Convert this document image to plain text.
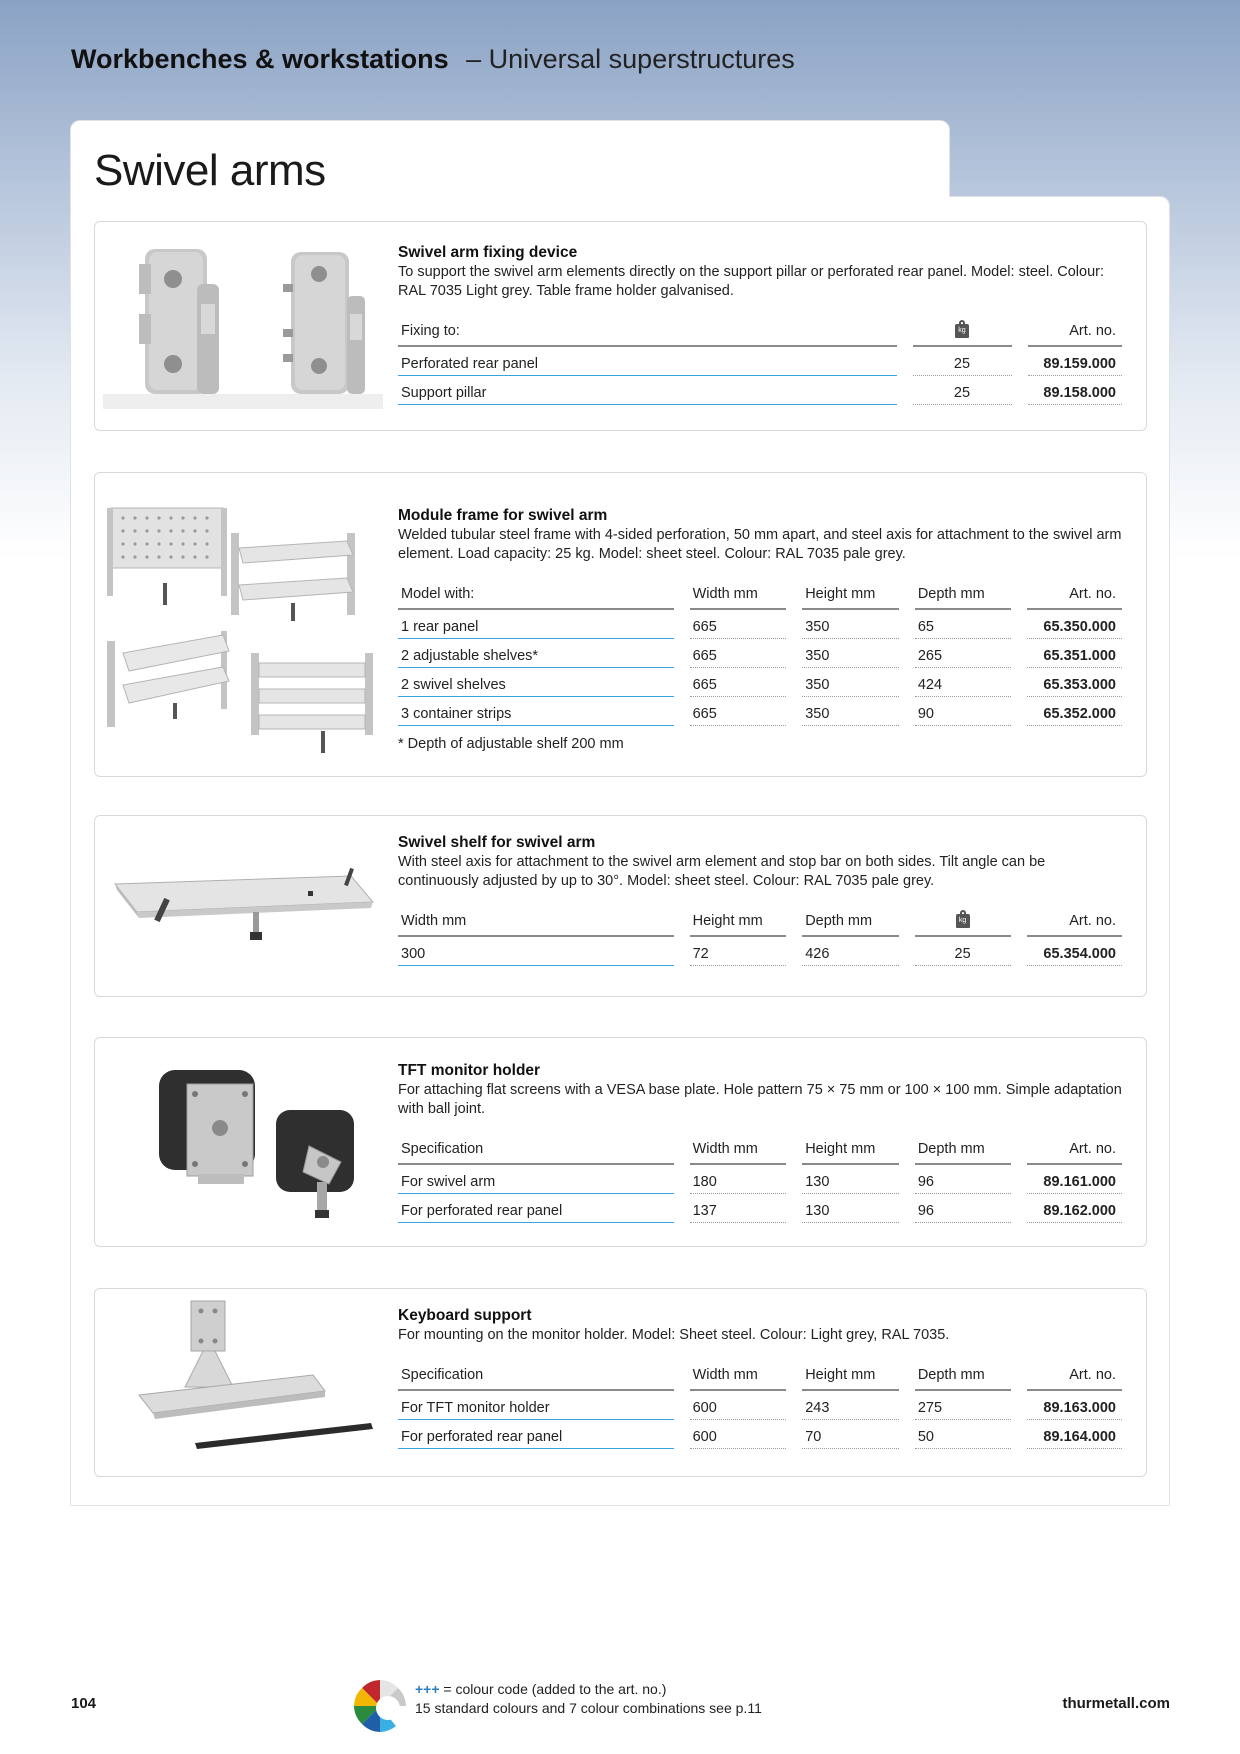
Workbenches & workstations – Universal superstructures
Swivel arms
Swivel arm fixing device
To support the swivel arm elements directly on the support pillar or perforated rear panel. Model: steel. Colour: RAL 7035 Light grey. Table frame holder galvanised.
Fixing to:		kg		Art. no.
Perforated rear panel		25		89.159.000
Support pillar		25		89.158.000
Module frame for swivel arm
Welded tubular steel frame with 4-sided perforation, 50 mm apart, and steel axis for attachment to the swivel arm element. Load capacity: 25 kg. Model: sheet steel. Colour: RAL 7035 pale grey.
Model with:		Width mm		Height mm		Depth mm		Art. no.
1 rear panel		665		350		65		65.350.000
2 adjustable shelves*		665		350		265		65.351.000
2 swivel shelves		665		350		424		65.353.000
3 container strips		665		350		90		65.352.000
* Depth of adjustable shelf 200 mm
Swivel shelf for swivel arm
With steel axis for attachment to the swivel arm element and stop bar on both sides. Tilt angle can be continuously adjusted by up to 30°. Model: sheet steel. Colour: RAL 7035 pale grey.
Width mm		Height mm		Depth mm		kg		Art. no.
300		72		426		25		65.354.000
TFT monitor holder
For attaching flat screens with a VESA base plate. Hole pattern 75 × 75 mm or 100 × 100 mm. Simple adaptation with ball joint.
Specification		Width mm		Height mm		Depth mm		Art. no.
For swivel arm		180		130		96		89.161.000
For perforated rear panel		137		130		96		89.162.000
Keyboard support
For mounting on the monitor holder. Model: Sheet steel. Colour: Light grey, RAL 7035.
Specification		Width mm		Height mm		Depth mm		Art. no.
For TFT monitor holder		600		243		275		89.163.000
For perforated rear panel		600		70		50		89.164.000
104
+++ = colour code (added to the art. no.)
15 standard colours and 7 colour combinations see p.11	thurmetall.com
